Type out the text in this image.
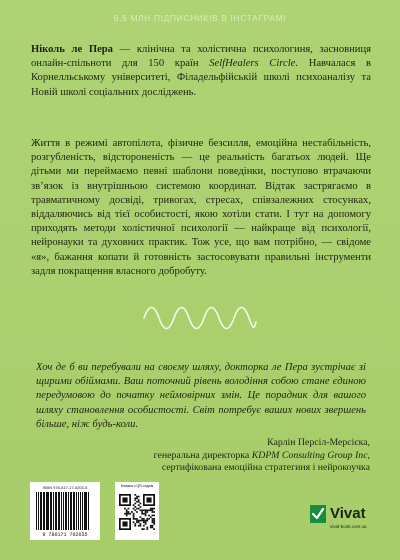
6,6 МЛН ПІДПИСНИКІВ В ІНСТАГРАМІ
Ніколь ле Пера — клінічна та холістична психологиня, засновниця онлайн-спільноти для 150 країн SelfHealers Circle. Навчалася в Корнелльському університеті, Філадельфійській школі психоаналізу та Новій школі соціальних досліджень.
Життя в режимі автопілота, фізичне безсилля, емоційна нестабільність, розгубленість, відстороненість — це реальність багатьох людей. Ще дітьми ми переймаємо певні шаблони поведінки, поступово втрачаючи зв’язок із внутрішньою системою координат. Відтак застрягаємо в травматичному досвіді, тривогах, стресах, співзалежних стосунках, віддаляючись від тієї особистості, якою хотіли стати. І тут на допомогу приходять методи холістичної психології — найкраще від психології, нейронауки та духовних практик. Тож усе, що вам потрібно, — свідоме «я», бажання копати й готовність застосовувати правильні інструменти задля покращення власного добробуту.
Хоч де б ви перебували на своєму шляху, докторка ле Пера зустрічає зі щирими обіймами. Ваш поточний рівень володіння собою стане єдиною передумовою до початку неймовірних змін. Це порадник для вашого шляху становлення особистості. Світ потребує ваших нових звершень більше, ніж будь-коли.
Карлін Персіл-Мерсієка,
генеральна директорка KDPM Consulting Group Inc,
сертифікована емоційна стратегиня і нейрокоучка
ISBN 978-617-17-0203-5
9 786171 702035
Книжка з QR-кодом
Vivat
vivat-book.com.ua
